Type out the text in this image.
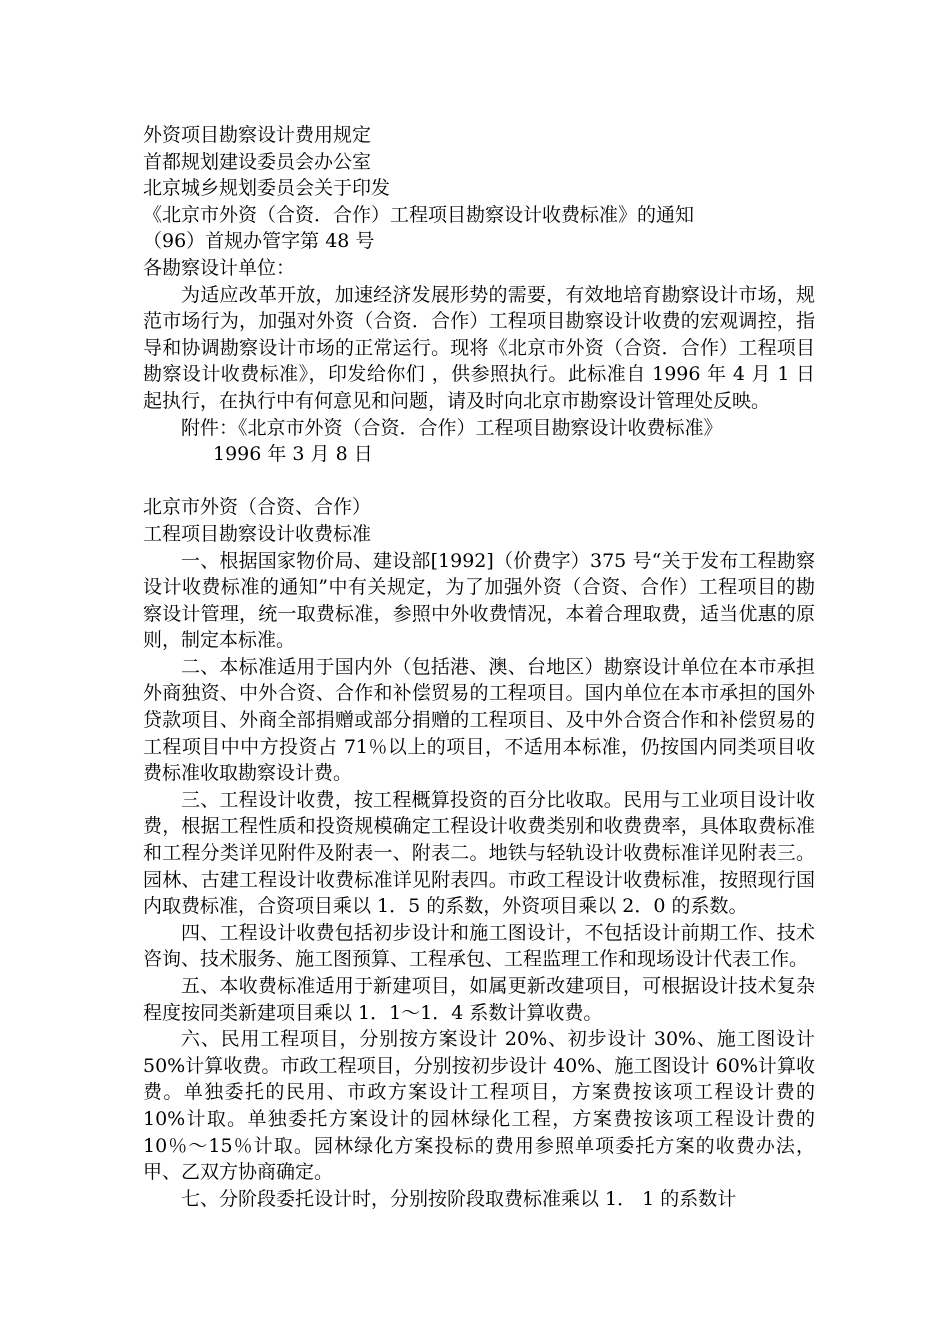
外资项目勘察设计费用规定

首都规划建设委员会办公室

北京城乡规划委员会关于印发

《北京市外资（合资．合作）工程项目勘察设计收费标准》的通知

（96）首规办管字第 48 号

各勘察设计单位：

为适应改革开放，加速经济发展形势的需要，有效地培育勘察设计市场，规范市场行为，加强对外资（合资．合作）工程项目勘察设计收费的宏观调控，指导和协调勘察设计市场的正常运行。现将《北京市外资（合资．合作）工程项目勘察设计收费标准》，印发给你们 ，供参照执行。此标准自 1996 年 4 月 1 日起执行，在执行中有何意见和问题，请及时向北京市勘察设计管理处反映。

附件：《北京市外资（合资．合作）工程项目勘察设计收费标准》

1996 年 3 月 8 日

北京市外资（合资、合作）

工程项目勘察设计收费标准

一、根据国家物价局、建设部[1992]（价费字）375 号“关于发布工程勘察设计收费标准的通知”中有关规定，为了加强外资（合资、合作）工程项目的勘察设计管理，统一取费标准，参照中外收费情况，本着合理取费，适当优惠的原则，制定本标准。

二、本标准适用于国内外（包括港、澳、台地区）勘察设计单位在本市承担外商独资、中外合资、合作和补偿贸易的工程项目。国内单位在本市承担的国外贷款项目、外商全部捐赠或部分捐赠的工程项目、及中外合资合作和补偿贸易的工程项目中中方投资占 71％以上的项目，不适用本标准，仍按国内同类项目收费标准收取勘察设计费。

三、工程设计收费，按工程概算投资的百分比收取。民用与工业项目设计收费，根据工程性质和投资规模确定工程设计收费类别和收费费率，具体取费标准和工程分类详见附件及附表一、附表二。地铁与轻轨设计收费标准详见附表三。园林、古建工程设计收费标准详见附表四。市政工程设计收费标准，按照现行国内取费标准，合资项目乘以 1．5 的系数，外资项目乘以 2．0 的系数。

四、工程设计收费包括初步设计和施工图设计，不包括设计前期工作、技术咨询、技术服务、施工图预算、工程承包、工程监理工作和现场设计代表工作。

五、本收费标准适用于新建项目，如属更新改建项目，可根据设计技术复杂程度按同类新建项目乘以 1．1～1．4 系数计算收费。

六、民用工程项目，分别按方案设计 20%、初步设计 30%、施工图设计 50%计算收费。市政工程项目，分别按初步设计 40%、施工图设计 60%计算收费。单独委托的民用、市政方案设计工程项目，方案费按该项工程设计费的 10%计取。单独委托方案设计的园林绿化工程，方案费按该项工程设计费的 10％～15％计取。园林绿化方案投标的费用参照单项委托方案的收费办法，甲、乙双方协商确定。

七、分阶段委托设计时，分别按阶段取费标准乘以 1． 1 的系数计
